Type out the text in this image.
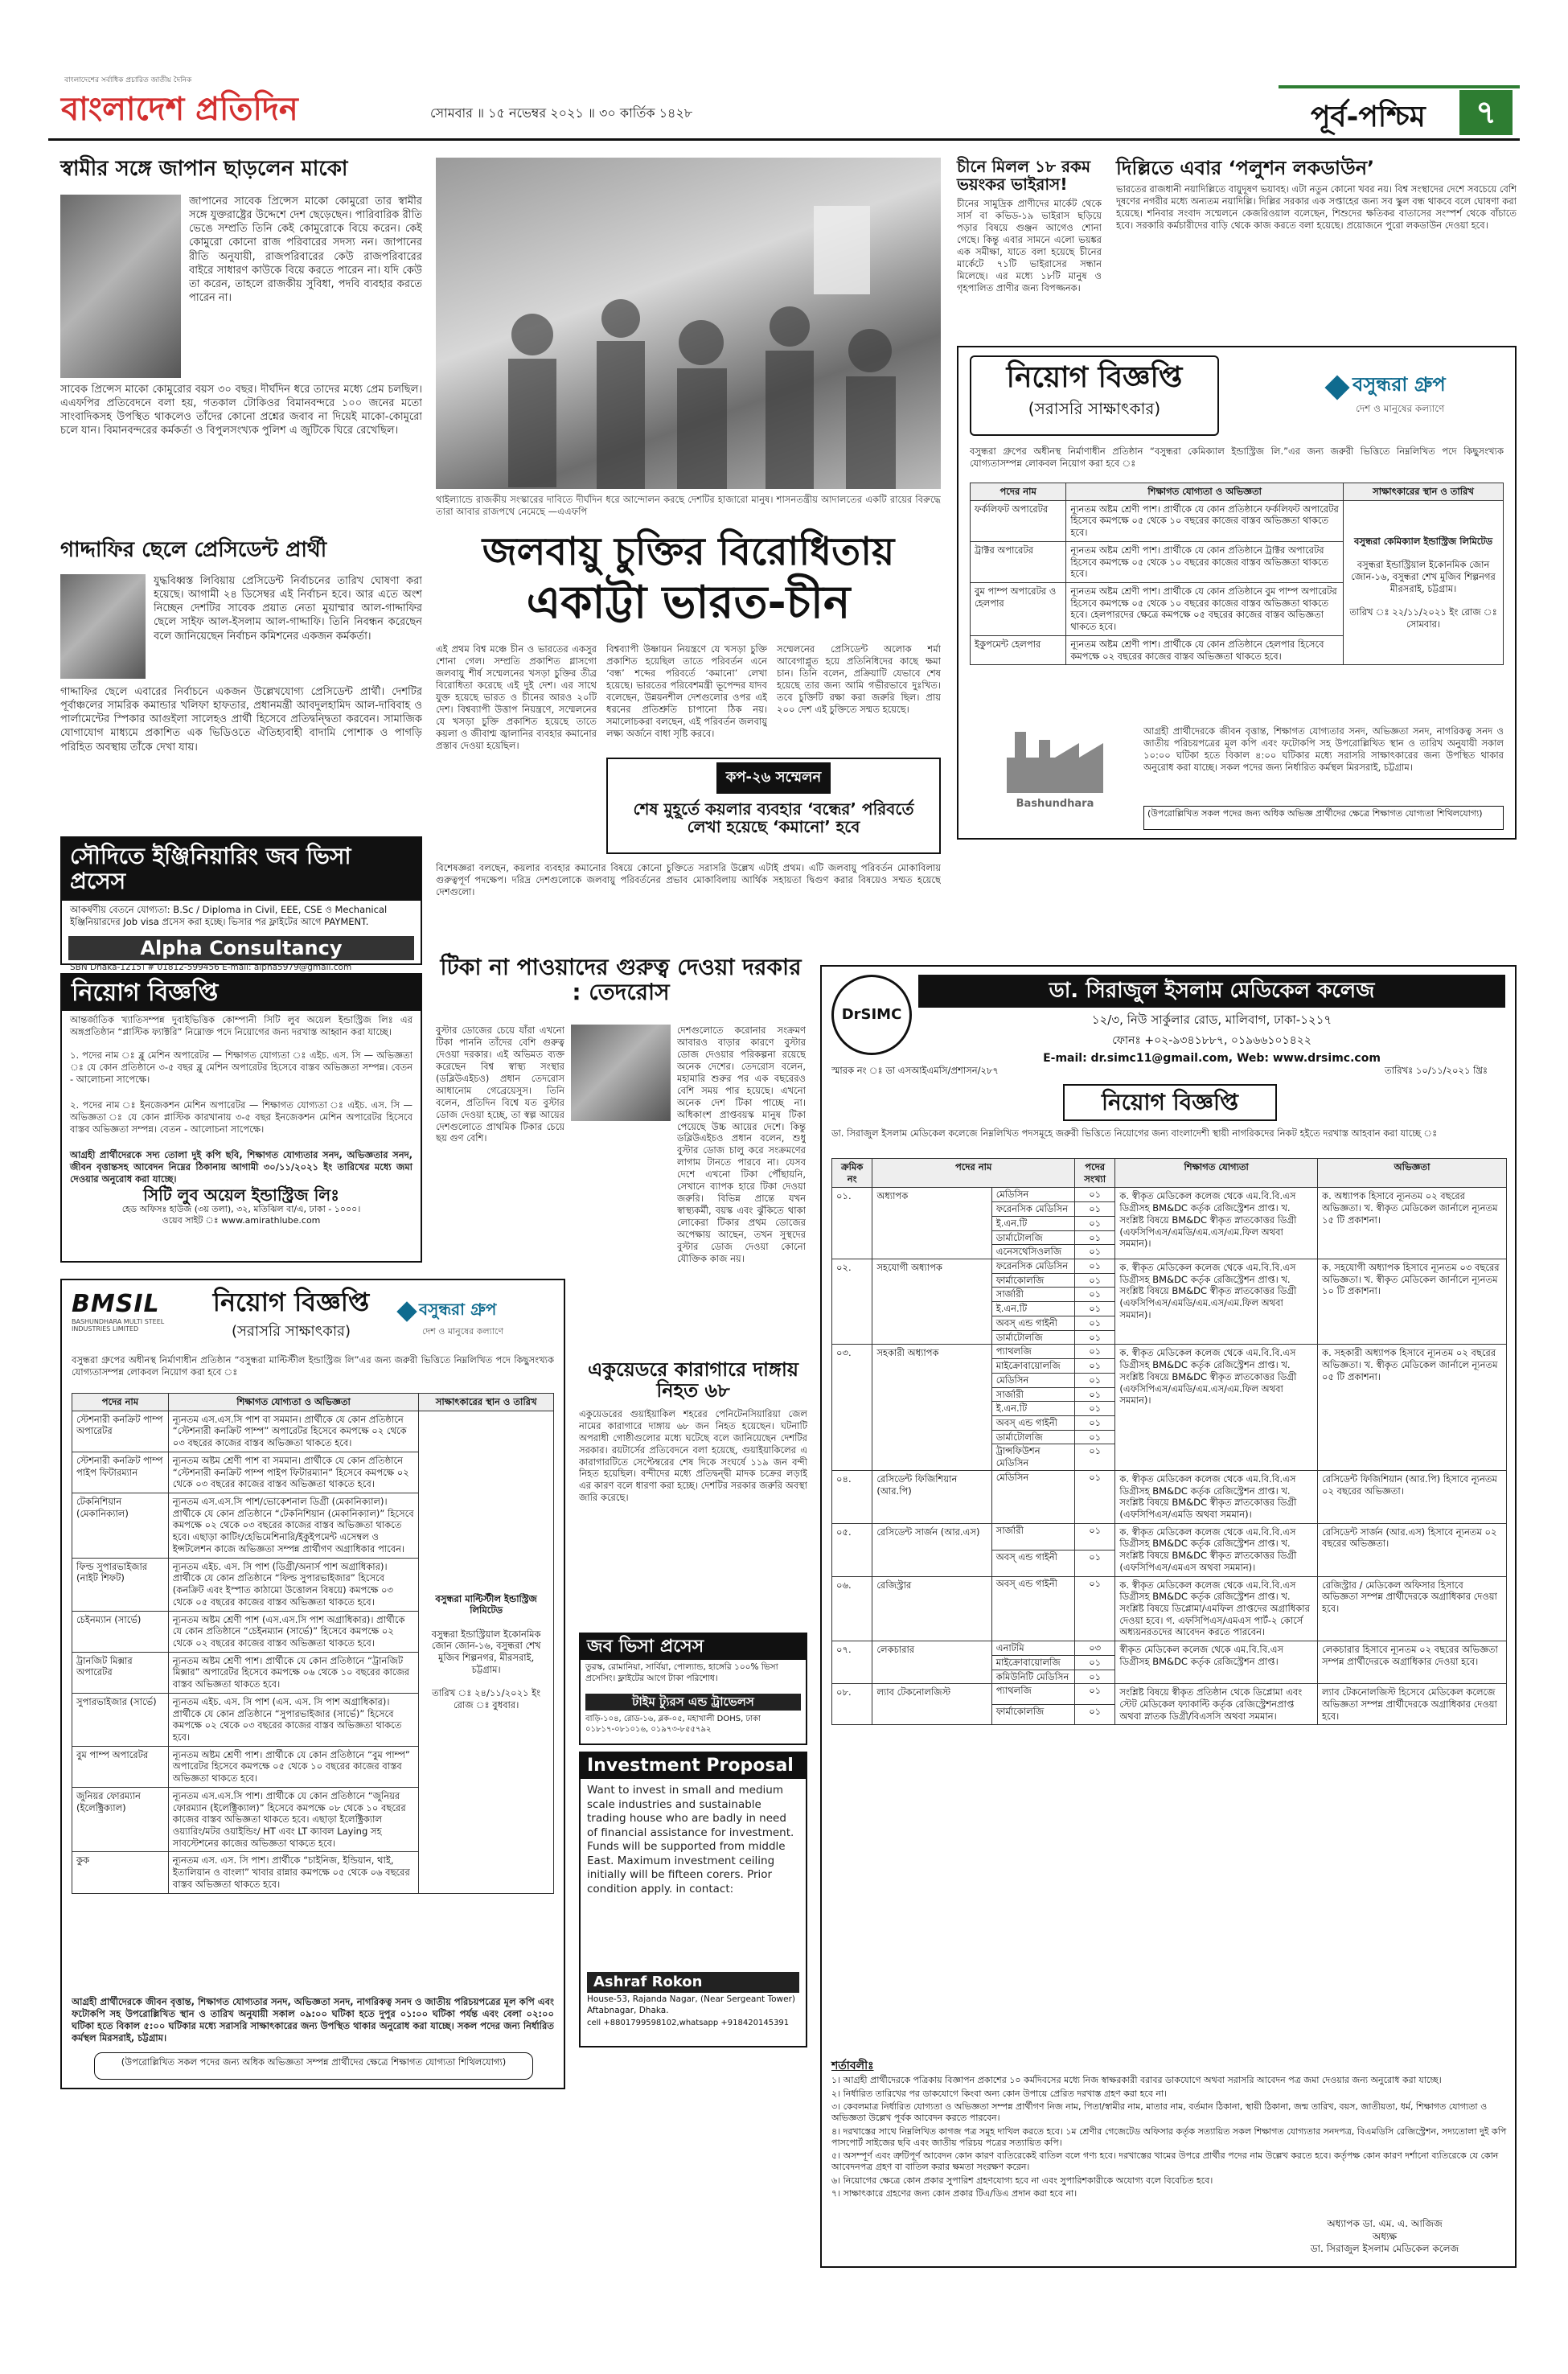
বাংলাদেশের সর্বাধিক প্রচারিত জাতীয় দৈনিক
বাংলাদেশ প্রতিদিন	সোমবার ॥ ১৫ নভেম্বর ২০২১ ॥ ৩০ কার্তিক ১৪২৮	পূর্ব-পশ্চিম	৭
স্বামীর সঙ্গে জাপান ছাড়লেন মাকো
জাপানের সাবেক প্রিন্সেস মাকো কোমুরো তার স্বামীর সঙ্গে যুক্তরাষ্ট্রের উদ্দেশে দেশ ছেড়েছেন। পারিবারিক রীতি ভেঙে সম্প্রতি তিনি কেই কোমুরোকে বিয়ে করেন। কেই কোমুরো কোনো রাজ পরিবারের সদস্য নন। জাপানের রীতি অনুযায়ী, রাজপরিবারের কেউ রাজপরিবারের বাইরে সাধারণ কাউকে বিয়ে করতে পারেন না। যদি কেউ তা করেন, তাহলে রাজকীয় সুবিধা, পদবি ব্যবহার করতে পারেন না।
সাবেক প্রিন্সেস মাকো কোমুরোর বয়স ৩০ বছর। দীর্ঘদিন ধরে তাদের মধ্যে প্রেম চলছিল। এএফপির প্রতিবেদনে বলা হয়, গতকাল টোকিওর বিমানবন্দরে ১০০ জনের মতো সাংবাদিকসহ উপস্থিত থাকলেও তাঁদের কোনো প্রশ্নের জবাব না দিয়েই মাকো-কোমুরো চলে যান। বিমানবন্দরের কর্মকর্তা ও বিপুলসংখ্যক পুলিশ এ জুটিকে ঘিরে রেখেছিল।
গাদ্দাফির ছেলে প্রেসিডেন্ট প্রার্থী
যুদ্ধবিধ্বস্ত লিবিয়ায় প্রেসিডেন্ট নির্বাচনের তারিখ ঘোষণা করা হয়েছে। আগামী ২৪ ডিসেম্বর এই নির্বাচন হবে। আর এতে অংশ নিচ্ছেন দেশটির সাবেক প্রয়াত নেতা মুয়াম্মার আল-গাদ্দাফির ছেলে সাইফ আল-ইসলাম আল-গাদ্দাফি। তিনি নিবন্ধন করেছেন বলে জানিয়েছেন নির্বাচন কমিশনের একজন কর্মকর্তা।
গাদ্দাফির ছেলে এবারের নির্বাচনে একজন উল্লেখযোগ্য প্রেসিডেন্ট প্রার্থী। দেশটির পূর্বাঞ্চলের সামরিক কমান্ডার খলিফা হাফতার, প্রধানমন্ত্রী আবদুলহামিদ আল-দাবিবাহ ও পার্লামেন্টের স্পিকার আগুইলা সালেহও প্রার্থী হিসেবে প্রতিদ্বন্দ্বিতা করবেন। সামাজিক যোগাযোগ মাধ্যমে প্রকাশিত এক ভিডিওতে ঐতিহ্যবাহী বাদামি পোশাক ও পাগড়ি পরিহিত অবস্থায় তাঁকে দেখা যায়।
থাইল্যান্ডে রাজকীয় সংস্কারের দাবিতে দীর্ঘদিন ধরে আন্দোলন করছে দেশটির হাজারো মানুষ। শাসনতন্ত্রীয় আদালতের একটি রায়ের বিরুদ্ধে তারা আবার রাজপথে নেমেছে —এএফপি
চীনে মিলল ১৮ রকম ভয়ংকর ভাইরাস!
চীনের সামুদ্রিক প্রাণীদের মার্কেট থেকে সার্স বা কভিড-১৯ ভাইরাস ছড়িয়ে পড়ার বিষয়ে গুঞ্জন আগেও শোনা গেছে। কিন্তু এবার সামনে এলো ভয়ঙ্কর এক সমীক্ষা, যাতে বলা হয়েছে চীনের মার্কেটে ৭১টি ভাইরাসের সন্ধান মিলেছে। এর মধ্যে ১৮টি মানুষ ও গৃহপালিত প্রাণীর জন্য বিপজ্জনক।
দিল্লিতে এবার ‘পলুশন লকডাউন’
ভারতের রাজধানী নয়াদিল্লিতে বায়ুদূষণ ভয়াবহ। এটা নতুন কোনো খবর নয়। বিশ্ব সংস্থাদের দেশে সবচেয়ে বেশি দূষণের নগরীর মধ্যে অন্যতম নয়াদিল্লি। দিল্লির সরকার এক সপ্তাহের জন্য সব স্কুল বন্ধ থাকবে বলে ঘোষণা করা হয়েছে। শনিবার সংবাদ সম্মেলনে কেজরিওয়াল বলেছেন, শিশুদের ক্ষতিকর বাতাসের সংস্পর্শ থেকে বাঁচাতে হবে। সরকারি কর্মচারীদের বাড়ি থেকে কাজ করতে বলা হয়েছে। প্রয়োজনে পুরো লকডাউন দেওয়া হবে।
নিয়োগ বিজ্ঞপ্তি
(সরাসরি সাক্ষাৎকার)
বসুন্ধরা গ্রুপ
দেশ ও মানুষের কল্যাণে
বসুন্ধরা গ্রুপের অধীনস্থ নির্মাণাধীন প্রতিষ্ঠান “বসুন্ধরা কেমিক্যাল ইন্ডাস্ট্রিজ লি.”এর জন্য জরুরী ভিত্তিতে নিম্নলিখিত পদে কিছুসংখ্যক যোগ্যতাসম্পন্ন লোকবল নিয়োগ করা হবে ঃ
পদের নাম	শিক্ষাগত যোগ্যতা ও অভিজ্ঞতা	সাক্ষাৎকারের স্থান ও তারিখ
ফর্কলিফট অপারেটর	ন্যূনতম অষ্টম শ্রেণী পাশ। প্রার্থীকে যে কোন প্রতিষ্ঠানে ফর্কলিফট অপারেটর হিসেবে কমপক্ষে ০৫ থেকে ১০ বছরের কাজের বাস্তব অভিজ্ঞতা থাকতে হবে।	বসুন্ধরা কেমিক্যাল ইন্ডাস্ট্রিজ লিমিটেড

বসুন্ধরা ইন্ডাস্ট্রিয়াল ইকোনমিক জোন জোন-১৬, বসুন্ধরা শেখ মুজিব শিল্পনগর মীরসরাই, চট্টগ্রাম।

তারিখ ঃ ২২/১১/২০২১ ইং রোজ ঃ সোমবার।
ট্রাক্টর অপারেটর	ন্যূনতম অষ্টম শ্রেণী পাশ। প্রার্থীকে যে কোন প্রতিষ্ঠানে ট্রাক্টর অপারেটর হিসেবে কমপক্ষে ০৫ থেকে ১০ বছরের কাজের বাস্তব অভিজ্ঞতা থাকতে হবে।	
বুম পাম্প অপারেটর ও হেলপার	ন্যূনতম অষ্টম শ্রেণী পাশ। প্রার্থীকে যে কোন প্রতিষ্ঠানে বুম পাম্প অপারেটর হিসেবে কমপক্ষে ০৫ থেকে ১০ বছরের কাজের বাস্তব অভিজ্ঞতা থাকতে হবে। হেলপারদের ক্ষেত্রে কমপক্ষে ০৫ বছরের কাজের বাস্তব অভিজ্ঞতা থাকতে হবে।	
ইকুপমেন্ট হেলপার	ন্যূনতম অষ্টম শ্রেণী পাশ। প্রার্থীকে যে কোন প্রতিষ্ঠানে হেলপার হিসেবে কমপক্ষে ০২ বছরের কাজের বাস্তব অভিজ্ঞতা থাকতে হবে।	
Bashundhara
আগ্রহী প্রার্থীদেরকে জীবন বৃত্তান্ত, শিক্ষাগত যোগ্যতার সনদ, অভিজ্ঞতা সনদ, নাগরিকত্ব সনদ ও জাতীয় পরিচয়পত্রের মূল কপি এবং ফটোকপি সহ উপরোল্লিখিত স্থান ও তারিখ অনুযায়ী সকাল ১০:০০ ঘটিকা হতে বিকাল ৪:০০ ঘটিকার মধ্যে সরাসরি সাক্ষাৎকারের জন্য উপস্থিত থাকার অনুরোধ করা যাচ্ছে। সকল পদের জন্য নির্ধারিত কর্মস্থল মিরসরাই, চট্টগ্রাম।
(উপরোল্লিখিত সকল পদের জন্য অধিক অভিজ্ঞ প্রার্থীদের ক্ষেত্রে শিক্ষাগত যোগ্যতা শিথিলযোগ্য)
জলবায়ু চুক্তির বিরোধিতায়
একাট্টা ভারত-চীন
এই প্রথম বিশ্ব মঞ্চে চীন ও ভারতের একসুর শোনা গেল। সম্প্রতি প্রকাশিত গ্লাসগো জলবায়ু শীর্ষ সম্মেলনের খসড়া চুক্তির তীব্র বিরোধিতা করেছে এই দুই দেশ। এর সাথে যুক্ত হয়েছে ভারত ও চীনের আরও ২০টি দেশ। বিশ্বব্যাপী উত্তাপ নিয়ন্ত্রণে, সম্মেলনের যে খসড়া চুক্তি প্রকাশিত হয়েছে তাতে কয়লা ও জীবাশ্ম জ্বালানির ব্যবহার কমানোর প্রস্তাব দেওয়া হয়েছিল।
বিশ্বব্যাপী উষ্ণায়ন নিয়ন্ত্রণে যে খসড়া চুক্তি প্রকাশিত হয়েছিল তাতে পরিবর্তন এনে ‘বন্ধ’ শব্দের পরিবর্তে ‘কমানো’ লেখা হয়েছে। ভারতের পরিবেশমন্ত্রী ভূপেন্দর যাদব বলেছেন, উন্নয়নশীল দেশগুলোর ওপর এই ধরনের প্রতিশ্রুতি চাপানো ঠিক নয়। সমালোচকরা বলছেন, এই পরিবর্তন জলবায়ু লক্ষ্য অর্জনে বাধা সৃষ্টি করবে।
সম্মেলনের প্রেসিডেন্ট অলোক শর্মা আবেগাপ্লুত হয়ে প্রতিনিধিদের কাছে ক্ষমা চান। তিনি বলেন, প্রক্রিয়াটি যেভাবে শেষ হয়েছে তার জন্য আমি গভীরভাবে দুঃখিত। তবে চুক্তিটি রক্ষা করা জরুরি ছিল। প্রায় ২০০ দেশ এই চুক্তিতে সম্মত হয়েছে।
কপ-২৬ সম্মেলন
শেষ মুহূর্তে কয়লার ব্যবহার ‘বন্ধের’ পরিবর্তে লেখা হয়েছে ‘কমানো’ হবে
বিশেষজ্ঞরা বলছেন, কয়লার ব্যবহার কমানোর বিষয়ে কোনো চুক্তিতে সরাসরি উল্লেখ এটাই প্রথম। এটি জলবায়ু পরিবর্তন মোকাবিলায় গুরুত্বপূর্ণ পদক্ষেপ। দরিদ্র দেশগুলোকে জলবায়ু পরিবর্তনের প্রভাব মোকাবিলায় আর্থিক সহায়তা দ্বিগুণ করার বিষয়েও সম্মত হয়েছে দেশগুলো।
সৌদিতে ইঞ্জিনিয়ারিং জব ভিসা প্রসেস
আকর্ষণীয় বেতনে যোগ্যতা: B.Sc / Diploma in Civil, EEE, CSE ও Mechanical ইঞ্জিনিয়ারদের Job visa প্রসেস করা হচ্ছে। ভিসার পর ফ্লাইটের আগে PAYMENT.
Alpha Consultancy
SBN Dhaka-1215। # 01812-599456 E-mail: alpha5979@gmail.com
নিয়োগ বিজ্ঞপ্তি
আন্তর্জাতিক খ্যাতিসম্পন্ন দুবাইভিত্তিক কোম্পানী সিটি লুব অয়েল ইন্ডাস্ট্রিজ লিঃ এর অঙ্গপ্রতিষ্ঠান “প্লাস্টিক ফ্যাক্টরি” নিম্নোক্ত পদে নিয়োগের জন্য দরখাস্ত আহ্বান করা যাচ্ছে।
১. পদের নাম ঃ ব্লু মেশিন অপারেটর — শিক্ষাগত যোগ্যতা ঃ এইচ. এস. সি — অভিজ্ঞতা ঃ যে কোন প্রতিষ্ঠানে ৩-৫ বছর ব্লু মেশিন অপারেটর হিসেবে বাস্তব অভিজ্ঞতা সম্পন্ন। বেতন - আলোচনা সাপেক্ষে।
২. পদের নাম ঃ ইনজেকশন মেশিন অপারেটর — শিক্ষাগত যোগ্যতা ঃ এইচ. এস. সি — অভিজ্ঞতা ঃ যে কোন প্লাস্টিক কারখানায় ৩-৫ বছর ইনজেকশন মেশিন অপারেটর হিসেবে বাস্তব অভিজ্ঞতা সম্পন্ন। বেতন - আলোচনা সাপেক্ষে।
আগ্রহী প্রার্থীদেরকে সদ্য তোলা দুই কপি ছবি, শিক্ষাগত যোগ্যতার সনদ, অভিজ্ঞতার সনদ, জীবন বৃত্তান্তসহ আবেদন নিম্নের ঠিকানায় আগামী ৩০/১১/২০২১ ইং তারিখের মধ্যে জমা দেওয়ার অনুরোধ করা যাচ্ছে।
সিটি লুব অয়েল ইন্ডাস্ট্রিজ লিঃ
হেড অফিসঃ হাউজ (৩য় তলা), ৩২, মতিঝিল বা/এ, ঢাকা - ১০০০।
ওয়েব সাইট ঃ www.amirathlube.com
টিকা না পাওয়াদের গুরুত্ব দেওয়া দরকার : তেদরোস
বুস্টার ডোজের চেয়ে যাঁরা এখনো টিকা পাননি তাঁদের বেশি গুরুত্ব দেওয়া দরকার। এই অভিমত ব্যক্ত করেছেন বিশ্ব স্বাস্থ্য সংস্থার (ডব্লিউএইচও) প্রধান তেদরোস আধানোম গেব্রেয়েসুস। তিনি বলেন, প্রতিদিন বিশ্বে যত বুস্টার ডোজ দেওয়া হচ্ছে, তা স্বল্প আয়ের দেশগুলোতে প্রাথমিক টিকার চেয়ে ছয় গুণ বেশি।
দেশগুলোতে করোনার সংক্রমণ আবারও বাড়ার কারণে বুস্টার ডোজ দেওয়ার পরিকল্পনা রয়েছে অনেক দেশের। তেদরোস বলেন, মহামারি শুরুর পর এক বছরেরও বেশি সময় পার হয়েছে। এখনো অনেক দেশ টিকা পাচ্ছে না। অধিকাংশ প্রাপ্তবয়স্ক মানুষ টিকা পেয়েছে উচ্চ আয়ের দেশে। কিন্তু ডব্লিউএইচও প্রধান বলেন, শুধু বুস্টার ডোজ চালু করে সংক্রমণের লাগাম টানতে পারবে না। যেসব দেশে এখনো টিকা পৌঁছায়নি, সেখানে ব্যাপক হারে টিকা দেওয়া জরুরি। বিভিন্ন প্রান্তে যখন স্বাস্থ্যকর্মী, বয়স্ক এবং ঝুঁকিতে থাকা লোকেরা টিকার প্রথম ডোজের অপেক্ষায় আছেন, তখন সুস্থদের বুস্টার ডোজ দেওয়া কোনো যৌক্তিক কাজ নয়।
একুয়েডরে কারাগারে দাঙ্গায় নিহত ৬৮
একুয়েডরের গুয়াইয়াকিল শহরের পেনিটেনসিয়ারিয়া জেল নামের কারাগারে দাঙ্গায় ৬৮ জন নিহত হয়েছেন। ঘটনাটি অপরাধী গোষ্ঠীগুলোর মধ্যে ঘটেছে বলে জানিয়েছেন দেশটির সরকার। রয়টার্সের প্রতিবেদনে বলা হয়েছে, গুয়াইয়াকিলের এ কারাগারটিতে সেপ্টেম্বরের শেষ দিকে সংঘর্ষে ১১৯ জন বন্দী নিহত হয়েছিল। বন্দীদের মধ্যে প্রতিদ্বন্দ্বী মাদক চক্রের লড়াই এর কারণ বলে ধারণা করা হচ্ছে। দেশটির সরকার জরুরি অবস্থা জারি করেছে।
জব ভিসা প্রসেস
তুরস্ক, রোমানিয়া, সার্বিয়া, পোল্যান্ড, হাঙ্গেরি ১০০% ভিসা প্রসেসিং। ফ্লাইটের আগে টাকা পরিশোধ।
টাইম ট্যুরস এন্ড ট্রাভেলস
বাড়ি-১০৪, রোড-১৬, ব্লক-০৫, মহাখালী DOHS, ঢাকা ০১৮১৭-০৮১০১৬, ০১৯৭৩-৮৫৫৭৯২
Investment Proposal
Want to invest in small and medium scale industries and sustainable trading house who are badly in need of financial assistance for investment. Funds will be supported from middle East. Maximum investment ceiling initially will be fifteen corers. Prior condition apply. in contact:
Ashraf Rokon
House-53, Rajanda Nagar, (Near Sergeant Tower) Aftabnagar, Dhaka.
cell +8801799598102,whatsapp +918420145391
BMSIL
BASHUNDHARA MULTI STEEL INDUSTRIES LIMITED
নিয়োগ বিজ্ঞপ্তি
(সরাসরি সাক্ষাৎকার)
বসুন্ধরা গ্রুপ
দেশ ও মানুষের কল্যাণে
বসুন্ধরা গ্রুপের অধীনস্থ নির্মাণাধীন প্রতিষ্ঠান “বসুন্ধরা মাল্টিস্টীল ইন্ডাস্ট্রিজ লি”এর জন্য জরুরী ভিত্তিতে নিম্নলিখিত পদে কিছুসংখ্যক যোগ্যতাসম্পন্ন লোকবল নিয়োগ করা হবে ঃ
পদের নাম	শিক্ষাগত যোগ্যতা ও অভিজ্ঞতা	সাক্ষাৎকারের স্থান ও তারিখ
স্টেশনারী কনক্রিট পাম্প অপারেটর	ন্যূনতম এস.এস.সি পাশ বা সমমান। প্রার্থীকে যে কোন প্রতিষ্ঠানে “স্টেশনারী কনক্রিট পাম্প” অপারেটর হিসেবে কমপক্ষে ০২ থেকে ০৩ বছরের কাজের বাস্তব অভিজ্ঞতা থাকতে হবে।	বসুন্ধরা মাল্টিস্টীল ইন্ডাস্ট্রিজ লিমিটেড

বসুন্ধরা ইন্ডাস্ট্রিয়াল ইকোনমিক জোন জোন-১৬, বসুন্ধরা শেখ মুজিব শিল্পনগর, মীরসরাই, চট্টগ্রাম।

তারিখ ঃ ২৪/১১/২০২১ ইং রোজ ঃ বুধবার।
স্টেশনারী কনক্রিট পাম্প পাইপ ফিটারম্যান	ন্যূনতম অষ্টম শ্রেণী পাশ বা সমমান। প্রার্থীকে যে কোন প্রতিষ্ঠানে “স্টেশনারী কনক্রিট পাম্প পাইপ ফিটারম্যান” হিসেবে কমপক্ষে ০২ থেকে ০৩ বছরের কাজের বাস্তব অভিজ্ঞতা থাকতে হবে।	
টেকনিশিয়ান (মেকানিক্যাল)	ন্যূনতম এস.এস.সি পাশ/ভোকেশনাল ডিগ্রী (মেকানিক্যাল)। প্রার্থীকে যে কোন প্রতিষ্ঠানে “টেকনিশিয়ান (মেকানিক্যাল)” হিসেবে কমপক্ষে ০২ থেকে ০৩ বছরের কাজের বাস্তব অভিজ্ঞতা থাকতে হবে। এছাড়া কাটিং/হেভিমেশিনারি/ইকুইপমেন্ট এসেম্বল ও ইন্সটলেশন কাজে অভিজ্ঞতা সম্পন্ন প্রার্থীগণ অগ্রাধিকার পাবেন।	
ফিল্ড সুপারভাইজার (নাইট শিফট)	ন্যূনতম এইচ. এস. সি পাশ (ডিগ্রী/অনার্স পাশ অগ্রাধিকার)। প্রার্থীকে যে কোন প্রতিষ্ঠানে “ফিল্ড সুপারভাইজার” হিসেবে (কনক্রিট এবং ইস্পাত কাঠামো উত্তোলন বিষয়ে) কমপক্ষে ০৩ থেকে ০৫ বছরের কাজের বাস্তব অভিজ্ঞতা থাকতে হবে।	
চেইনম্যান (সার্ভে)	ন্যূনতম অষ্টম শ্রেণী পাশ (এস.এস.সি পাশ অগ্রাধিকার)। প্রার্থীকে যে কোন প্রতিষ্ঠানে “চেইনম্যান (সার্ভে)” হিসেবে কমপক্ষে ০২ থেকে ০২ বছরের কাজের বাস্তব অভিজ্ঞতা থাকতে হবে।	
ট্রানজিট মিক্সার অপারেটর	ন্যূনতম অষ্টম শ্রেণী পাশ। প্রার্থীকে যে কোন প্রতিষ্ঠানে “ট্রানজিট মিক্সার” অপারেটর হিসেবে কমপক্ষে ০৬ থেকে ১০ বছরের কাজের বাস্তব অভিজ্ঞতা থাকতে হবে।	
সুপারভাইজার (সার্ভে)	ন্যূনতম এইচ. এস. সি পাশ (এস. এস. সি পাশ অগ্রাধিকার)। প্রার্থীকে যে কোন প্রতিষ্ঠানে “সুপারভাইজার (সার্ভে)” হিসেবে কমপক্ষে ০২ থেকে ০৩ বছরের কাজের বাস্তব অভিজ্ঞতা থাকতে হবে।	
বুম পাম্প অপারেটর	ন্যূনতম অষ্টম শ্রেণী পাশ। প্রার্থীকে যে কোন প্রতিষ্ঠানে “বুম পাম্প” অপারেটর হিসেবে কমপক্ষে ০৫ থেকে ১০ বছরের কাজের বাস্তব অভিজ্ঞতা থাকতে হবে।	
জুনিয়র ফোরম্যান (ইলেক্ট্রিক্যাল)	ন্যূনতম এস.এস.সি পাশ। প্রার্থীকে যে কোন প্রতিষ্ঠানে “জুনিয়র ফোরম্যান (ইলেক্ট্রিক্যাল)” হিসেবে কমপক্ষে ০৮ থেকে ১০ বছরের কাজের বাস্তব অভিজ্ঞতা থাকতে হবে। এছাড়া ইলেক্ট্রিক্যাল ওয়্যারিং/মটর ওয়াইন্ডিং/ HT এবং LT ক্যাবল Laying সহ সাবস্টেশনের কাজের অভিজ্ঞতা থাকতে হবে।	
কুক	ন্যূনতম এস. এস. সি পাশ। প্রার্থীকে “চাইনিজ, ইন্ডিয়ান, থাই, ইতালিয়ান ও বাংলা” খাবার রান্নার কমপক্ষে ০৫ থেকে ০৬ বছরের বাস্তব অভিজ্ঞতা থাকতে হবে।	
আগ্রহী প্রার্থীদেরকে জীবন বৃত্তান্ত, শিক্ষাগত যোগ্যতার সনদ, অভিজ্ঞতা সনদ, নাগরিকত্ব সনদ ও জাতীয় পরিচয়পত্রের মূল কপি এবং ফটোকপি সহ উপরোল্লিখিত স্থান ও তারিখ অনুযায়ী সকাল ০৯:০০ ঘটিকা হতে দুপুর ০১:০০ ঘটিকা পর্যন্ত এবং বেলা ০২:০০ ঘটিকা হতে বিকাল ৫:০০ ঘটিকার মধ্যে সরাসরি সাক্ষাৎকারের জন্য উপস্থিত থাকার অনুরোধ করা যাচ্ছে। সকল পদের জন্য নির্ধারিত কর্মস্থল মিরসরাই, চট্টগ্রাম।
(উপরোল্লিখিত সকল পদের জন্য অধিক অভিজ্ঞতা সম্পন্ন প্রার্থীদের ক্ষেত্রে শিক্ষাগত যোগ্যতা শিথিলযোগ্য)
DrSIMC
ডা. সিরাজুল ইসলাম মেডিকেল কলেজ
১২/৩, নিউ সার্কুলার রোড, মালিবাগ, ঢাকা-১২১৭
ফোনঃ +০২-৯৩৪১৮৮৭, ০১৯৬৬১০১৪২২
E-mail: dr.simc11@gmail.com, Web: www.drsimc.com
স্মারক নং ঃ ডা এসআইএমসি/প্রশাসন/২৮৭	তারিখঃ ১০/১১/২০২১ খ্রিঃ
নিয়োগ বিজ্ঞপ্তি
ডা. সিরাজুল ইসলাম মেডিকেল কলেজে নিম্নলিখিত পদসমূহে জরুরী ভিত্তিতে নিয়োগের জন্য বাংলাদেশী স্থায়ী নাগরিকদের নিকট হইতে দরখাস্ত আহবান করা যাচ্ছে ঃ
ক্রমিক নং	পদের নাম		পদের সংখ্যা	শিক্ষাগত যোগ্যতা	অভিজ্ঞতা
০১.	অধ্যাপক	মেডিসিন	০১	ক. স্বীকৃত মেডিকেল কলেজ থেকে এম.বি.বি.এস ডিগ্রীসহ BM&DC কর্তৃক রেজিস্ট্রেশন প্রাপ্ত। খ. সংশ্লিষ্ট বিষয়ে BM&DC স্বীকৃত স্নাতকোত্তর ডিগ্রী (এফসিপিএস/এমডি/এম.এস/এম.ফিল অথবা সমমান)।	ক. অধ্যাপক হিসাবে ন্যূনতম ০২ বছরের অভিজ্ঞতা। খ. স্বীকৃত মেডিকেল জার্নালে ন্যূনতম ১৫ টি প্রকাশনা।
		ফরেনসিক মেডিসিন	০১		
		ই.এন.টি	০১		
		ডার্মাটোলজি	০১		
		এনেসথেসিওলজি	০১		
০২.	সহযোগী অধ্যাপক	ফরেনসিক মেডিসিন	০১	ক. স্বীকৃত মেডিকেল কলেজ থেকে এম.বি.বি.এস ডিগ্রীসহ BM&DC কর্তৃক রেজিস্ট্রেশন প্রাপ্ত। খ. সংশ্লিষ্ট বিষয়ে BM&DC স্বীকৃত স্নাতকোত্তর ডিগ্রী (এফসিপিএস/এমডি/এম.এস/এম.ফিল অথবা সমমান)।	ক. সহযোগী অধ্যাপক হিসাবে ন্যূনতম ০৩ বছরের অভিজ্ঞতা। খ. স্বীকৃত মেডিকেল জার্নালে ন্যূনতম ১০ টি প্রকাশনা।
		ফার্মাকোলজি	০১		
		সার্জারী	০১		
		ই.এন.টি	০১		
		অবস্ এন্ড গাইনী	০১		
		ডার্মাটোলজি	০১		
০৩.	সহকারী অধ্যাপক	প্যাথলজি	০১	ক. স্বীকৃত মেডিকেল কলেজ থেকে এম.বি.বি.এস ডিগ্রীসহ BM&DC কর্তৃক রেজিস্ট্রেশন প্রাপ্ত। খ. সংশ্লিষ্ট বিষয়ে BM&DC স্বীকৃত স্নাতকোত্তর ডিগ্রী (এফসিপিএস/এমডি/এম.এস/এম.ফিল অথবা সমমান)।	ক. সহকারী অধ্যাপক হিসাবে ন্যূনতম ০২ বছরের অভিজ্ঞতা। খ. স্বীকৃত মেডিকেল জার্নালে ন্যূনতম ০৫ টি প্রকাশনা।
		মাইক্রোবায়োলজি	০১		
		মেডিসিন	০১		
		সার্জারী	০১		
		ই.এন.টি	০১		
		অবস্ এন্ড গাইনী	০১		
		ডার্মাটোলজি	০১		
		ট্রান্সফিউশন মেডিসিন	০১		
০৪.	রেসিডেন্ট ফিজিশিয়ান (আর.পি)	মেডিসিন	০১	ক. স্বীকৃত মেডিকেল কলেজ থেকে এম.বি.বি.এস ডিগ্রীসহ BM&DC কর্তৃক রেজিস্ট্রেশন প্রাপ্ত। খ. সংশ্লিষ্ট বিষয়ে BM&DC স্বীকৃত স্নাতকোত্তর ডিগ্রী (এফসিপিএস/এমডি অথবা সমমান)।	রেসিডেন্ট ফিজিশিয়ান (আর.পি) হিসাবে ন্যূনতম ০২ বছরের অভিজ্ঞতা।
০৫.	রেসিডেন্ট সার্জন (আর.এস)	সার্জারী	০১	ক. স্বীকৃত মেডিকেল কলেজ থেকে এম.বি.বি.এস ডিগ্রীসহ BM&DC কর্তৃক রেজিস্ট্রেশন প্রাপ্ত। খ. সংশ্লিষ্ট বিষয়ে BM&DC স্বীকৃত স্নাতকোত্তর ডিগ্রী (এফসিপিএস/এমএস অথবা সমমান)।	রেসিডেন্ট সার্জন (আর.এস) হিসাবে ন্যূনতম ০২ বছরের অভিজ্ঞতা।
		অবস্ এন্ড গাইনী	০১		
০৬.	রেজিস্ট্রার	অবস্ এন্ড গাইনী	০১	ক. স্বীকৃত মেডিকেল কলেজ থেকে এম.বি.বি.এস ডিগ্রীসহ BM&DC কর্তৃক রেজিস্ট্রেশন প্রাপ্ত। খ. সংশ্লিষ্ট বিষয়ে ডিপ্লোমা/এমফিল প্রাপ্তদের অগ্রাধিকার দেওয়া হবে। গ. এফসিপিএস/এমএস পার্ট-২ কোর্সে অধ্যয়নরতদের আবেদন করতে পারবেন।	রেজিস্ট্রার / মেডিকেল অফিসার হিসাবে অভিজ্ঞতা সম্পন্ন প্রার্থীদেরকে অগ্রাধিকার দেওয়া হবে।
০৭.	লেকচারার	এনাটমি	০৩	স্বীকৃত মেডিকেল কলেজ থেকে এম.বি.বি.এস ডিগ্রীসহ BM&DC কর্তৃক রেজিস্ট্রেশন প্রাপ্ত।	লেকচারার হিসাবে ন্যূনতম ০২ বছরের অভিজ্ঞতা সম্পন্ন প্রার্থীদেরকে অগ্রাধিকার দেওয়া হবে।
		মাইক্রোবায়োলজি	০১		
		কমিউনিটি মেডিসিন	০১		
০৮.	ল্যাব টেকনোলজিস্ট	প্যাথলজি	০১	সংশ্লিষ্ট বিষয়ে স্বীকৃত প্রতিষ্ঠান থেকে ডিপ্লোমা এবং স্টেট মেডিকেল ফ্যাকাল্টি কর্তৃক রেজিস্ট্রেশনপ্রাপ্ত অথবা স্নাতক ডিগ্রী/বিএসসি অথবা সমমান।	ল্যাব টেকনোলজিস্ট হিসেবে মেডিকেল কলেজে অভিজ্ঞতা সম্পন্ন প্রার্থীদেরকে অগ্রাধিকার দেওয়া হবে।
		ফার্মাকোলজি	০১		
শর্তাবলীঃ
১। আগ্রহী প্রার্থীদেরকে পত্রিকায় বিজ্ঞাপন প্রকাশের ১০ কর্মদিবসের মধ্যে নিজ স্বাক্ষরকারী বরাবর ডাকযোগে অথবা সরাসরি আবেদন পত্র জমা দেওয়ার জন্য অনুরোধ করা যাচ্ছে।
২। নির্ধারিত তারিখের পর ডাকযোগে কিংবা অন্য কোন উপায়ে প্রেরিত দরখাস্ত গ্রহণ করা হবে না।
৩। কেবলমাত্র নির্ধারিত যোগ্যতা ও অভিজ্ঞতা সম্পন্ন প্রার্থীগণ নিজ নাম, পিতা/স্বামীর নাম, মাতার নাম, বর্তমান ঠিকানা, স্থায়ী ঠিকানা, জন্ম তারিখ, বয়স, জাতীয়তা, ধর্ম, শিক্ষাগত যোগ্যতা ও অভিজ্ঞতা উল্লেখ পূর্বক আবেদন করতে পারবেন।
৪। দরখাস্তের সাথে নিম্নলিখিত কাগজ পত্র সমূহ দাখিল করতে হবে। ১ম শ্রেণীর গেজেটেড অফিসার কর্তৃক সত্যায়িত সকল শিক্ষাগত যোগ্যতার সনদপত্র, বিএমডিসি রেজিস্ট্রেশন, সদ্যতোলা দুই কপি পাসপোর্ট সাইজের ছবি এবং জাতীয় পরিচয় পত্রের সত্যায়িত কপি।
৫। অসম্পূর্ণ এবং ত্রুটিপূর্ণ আবেদন কোন কারণ ব্যতিরেকেই বাতিল বলে গণ্য হবে। দরখাস্তের খামের উপরে প্রার্থীর পদের নাম উল্লেখ করতে হবে। কর্তৃপক্ষ কোন কারণ দর্শানো ব্যতিরেকে যে কোন আবেদনপত্র গ্রহণ বা বাতিল করার ক্ষমতা সংরক্ষণ করেন।
৬। নিয়োগের ক্ষেত্রে কোন প্রকার সুপারিশ গ্রহণযোগ্য হবে না এবং সুপারিশকারীকে অযোগ্য বলে বিবেচিত হবে।
৭। সাক্ষাৎকারে গ্রহণের জন্য কোন প্রকার টিএ/ডিএ প্রদান করা হবে না।
অধ্যাপক ডা. এম. এ. আজিজ
অধ্যক্ষ
ডা. সিরাজুল ইসলাম মেডিকেল কলেজ
